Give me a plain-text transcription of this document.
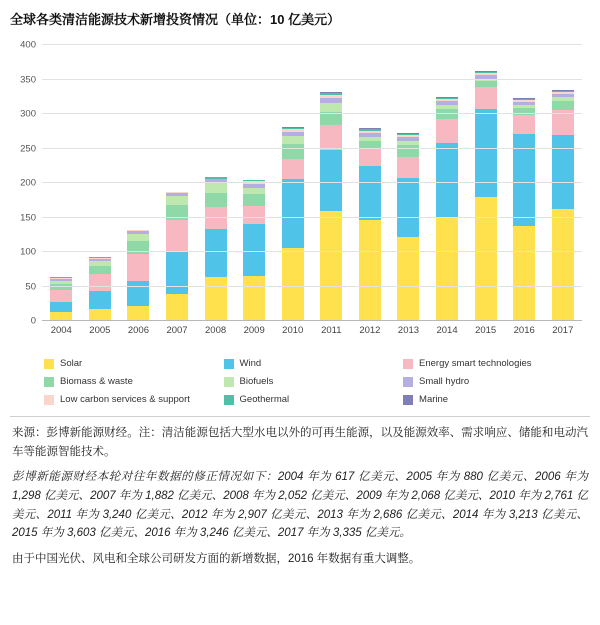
全球各类清洁能源技术新增投资情况（单位：10 亿美元）
2004 2005 2006 2007 2008 2009 2010 2011 2012 2013 2014 2015 2016 2017
0
50
100
150
200
250
300
350
400
Solar	Wind	Energy smart technologies
Biomass & waste	Biofuels	Small hydro
Low carbon services & support	Geothermal	Marine

来源：彭博新能源财经。注：清洁能源包括大型水电以外的可再生能源，以及能源效率、需求响应、储能和电动汽车等能源智能技术。

彭博新能源财经本轮对往年数据的修正情况如下：2004 年为 617 亿美元、2005 年为 880 亿美元、2006 年为 1,298 亿美元、2007 年为 1,882 亿美元、2008 年为 2,052 亿美元、2009 年为 2,068 亿美元、2010 年为 2,761 亿美元、2011 年为 3,240 亿美元、2012 年为 2,907 亿美元、2013 年为 2,686 亿美元、2014 年为 3,213 亿美元、2015 年为 3,603 亿美元、2016 年为 3,246 亿美元、2017 年为 3,335 亿美元。

由于中国光伏、风电和全球公司研发方面的新增数据，2016 年数据有重大调整。
